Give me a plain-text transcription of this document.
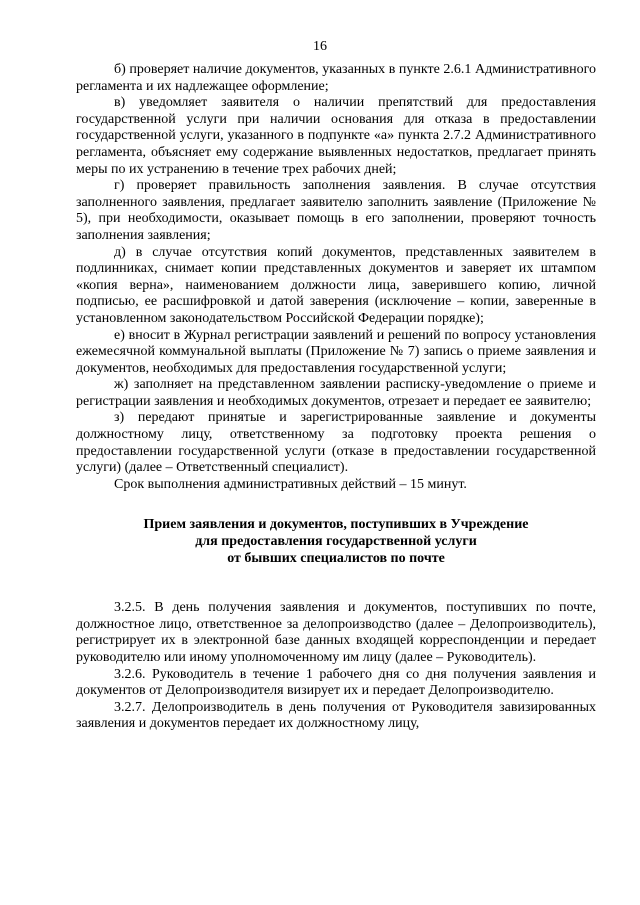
16

б) проверяет наличие документов, указанных в пункте 2.6.1 Административного регламента и их надлежащее оформление;

в) уведомляет заявителя о наличии препятствий для предоставления государственной услуги при наличии основания для отказа в предоставлении государственной услуги, указанного в подпункте «а» пункта 2.7.2 Административного регламента, объясняет ему содержание выявленных недостатков, предлагает принять меры по их устранению в течение трех рабочих дней;

г) проверяет правильность заполнения заявления. В случае отсутствия заполненного заявления, предлагает заявителю заполнить заявление (Приложение № 5), при необходимости, оказывает помощь в его заполнении, проверяют точность заполнения заявления;

д) в случае отсутствия копий документов, представленных заявителем в подлинниках, снимает копии представленных документов и заверяет их штампом «копия верна», наименованием должности лица, заверившего копию, личной подписью, ее расшифровкой и датой заверения (исключение – копии, заверенные в установленном законодательством Российской Федерации порядке);

е) вносит в Журнал регистрации заявлений и решений по вопросу установления ежемесячной коммунальной выплаты (Приложение № 7) запись о приеме заявления и документов, необходимых для предоставления государственной услуги;

ж) заполняет на представленном заявлении расписку-уведомление о приеме и регистрации заявления и необходимых документов, отрезает и передает ее заявителю;

з) передают принятые и зарегистрированные заявление и документы должностному лицу, ответственному за подготовку проекта решения о предоставлении государственной услуги (отказе в предоставлении государственной услуги) (далее – Ответственный специалист).

Срок выполнения административных действий – 15 минут.

Прием заявления и документов, поступивших в Учреждение

для предоставления государственной услуги

от бывших специалистов по почте

3.2.5. В день получения заявления и документов, поступивших по почте, должностное лицо, ответственное за делопроизводство (далее – Делопроизводитель), регистрирует их в электронной базе данных входящей корреспонденции и передает руководителю или иному уполномоченному им лицу (далее – Руководитель).

3.2.6. Руководитель в течение 1 рабочего дня со дня получения заявления и документов от Делопроизводителя визирует их и передает Делопроизводителю.

3.2.7. Делопроизводитель в день получения от Руководителя завизированных заявления и документов передает их должностному лицу,
